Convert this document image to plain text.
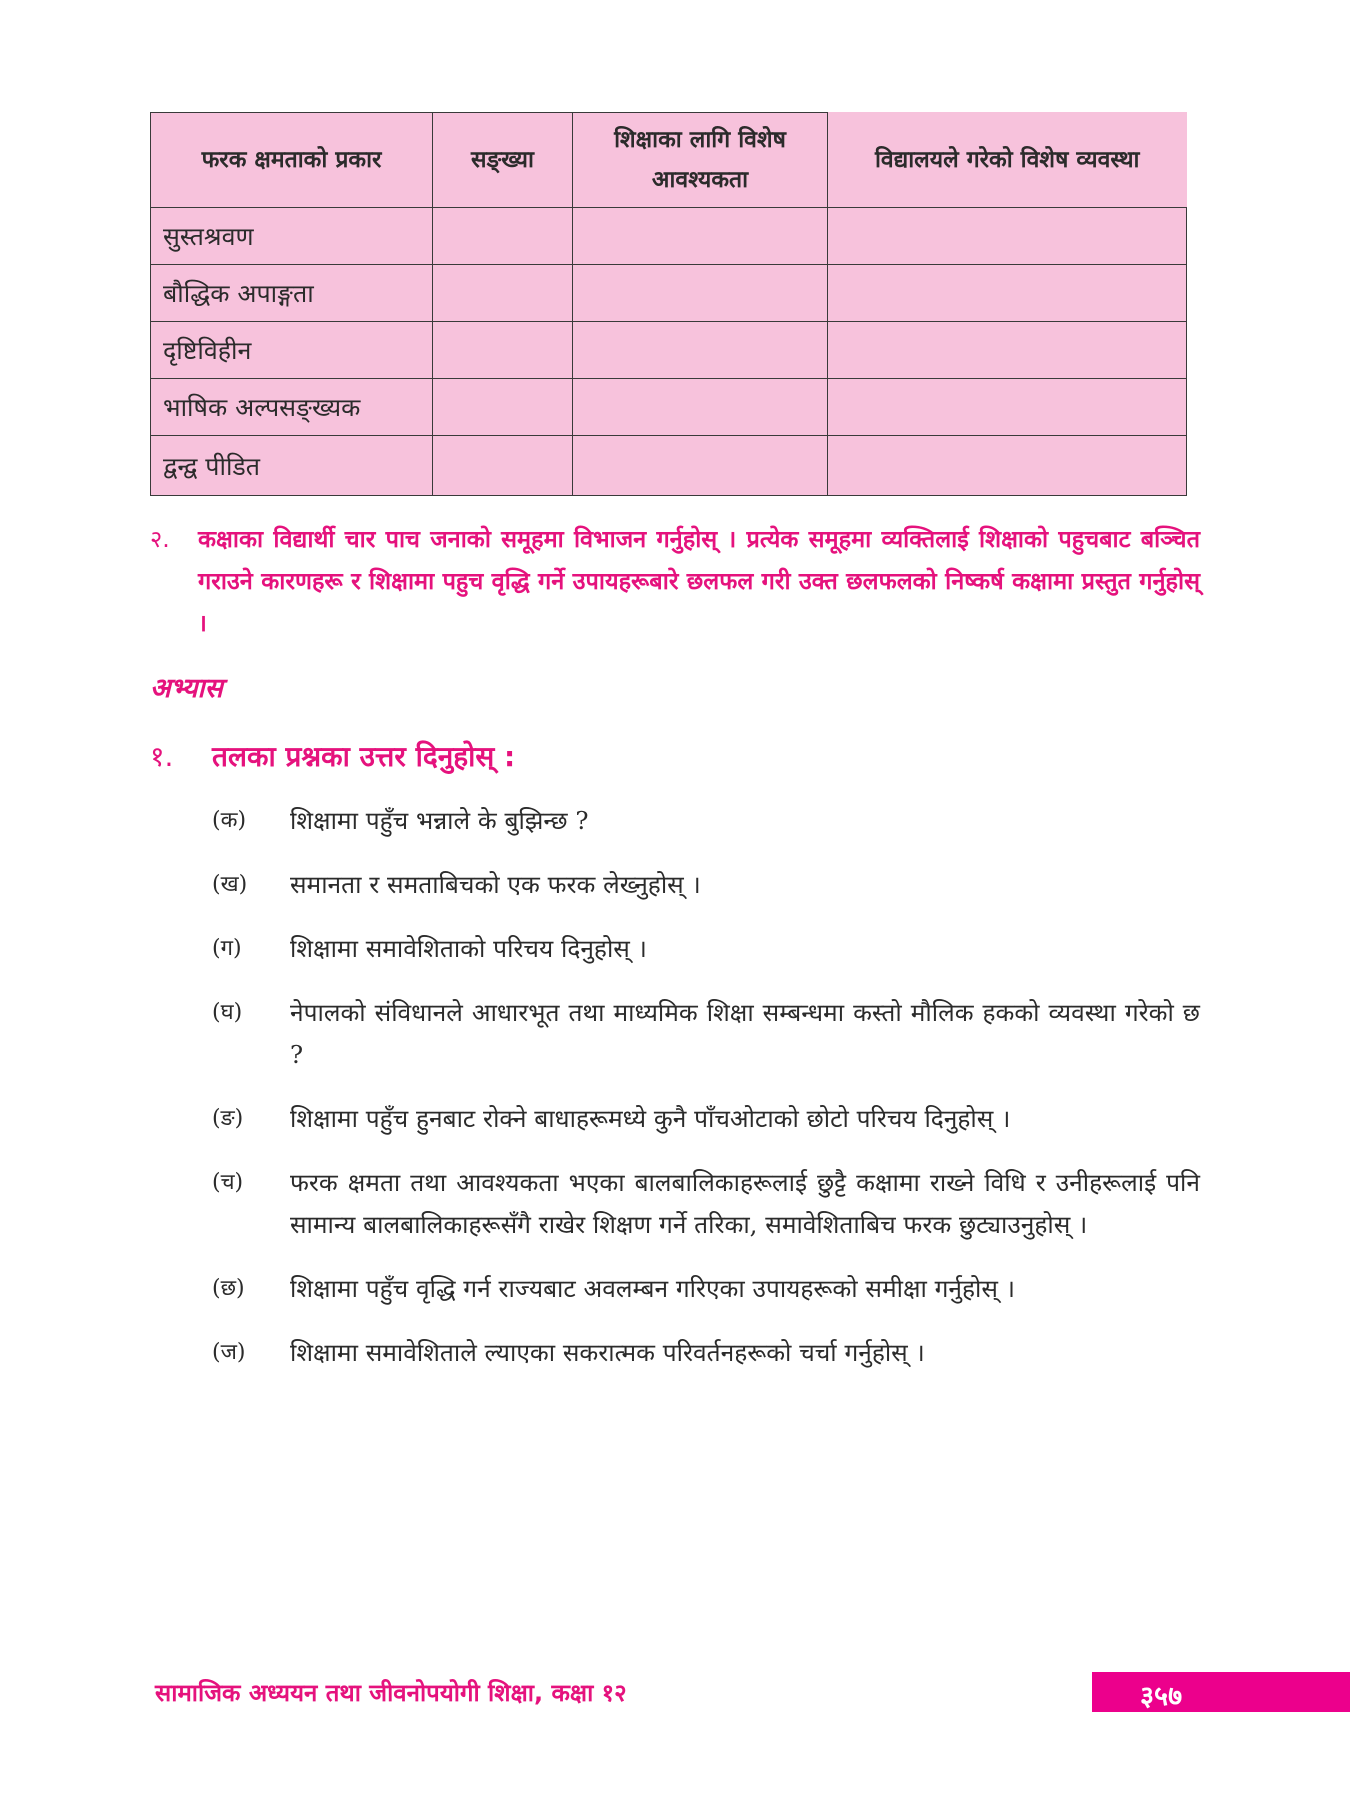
फरक क्षमताको प्रकार	सङ्ख्या	शिक्षाका लागि विशेष आवश्यकता	विद्यालयले गरेको विशेष व्यवस्था
सुस्तश्रवण			
बौद्धिक अपाङ्गता			
दृष्टिविहीन			
भाषिक अल्पसङ्ख्यक			
द्वन्द्व पीडित			
२. कक्षाका विद्यार्थी चार पाच जनाको समूहमा विभाजन गर्नुहोस् । प्रत्येक समूहमा व्यक्तिलाई शिक्षाको पहुचबाट बञ्चित गराउने कारणहरू र शिक्षामा पहुच वृद्धि गर्ने उपायहरूबारे छलफल गरी उक्त छलफलको निष्कर्ष कक्षामा प्रस्तुत गर्नुहोस् ।
अभ्यास
१. तलका प्रश्नका उत्तर दिनुहोस् :
(क)	शिक्षामा पहुँच भन्नाले के बुझिन्छ ?
(ख)	समानता र समताबिचको एक फरक लेख्नुहोस् ।
(ग)	शिक्षामा समावेशिताको परिचय दिनुहोस् ।
(घ)	नेपालको संविधानले आधारभूत तथा माध्यमिक शिक्षा सम्बन्धमा कस्तो मौलिक हकको व्यवस्था गरेको छ ?
(ङ)	शिक्षामा पहुँच हुनबाट रोक्ने बाधाहरूमध्ये कुनै पाँचओटाको छोटो परिचय दिनुहोस् ।
(च)	फरक क्षमता तथा आवश्यकता भएका बालबालिकाहरूलाई छुट्टै कक्षामा राख्ने विधि र उनीहरूलाई पनि सामान्य बालबालिकाहरूसँगै राखेर शिक्षण गर्ने तरिका, समावेशिताबिच फरक छुट्याउनुहोस् ।
(छ)	शिक्षामा पहुँच वृद्धि गर्न राज्यबाट अवलम्बन गरिएका उपायहरूको समीक्षा गर्नुहोस् ।
(ज)	शिक्षामा समावेशिताले ल्याएका सकरात्मक परिवर्तनहरूको चर्चा गर्नुहोस् ।
सामाजिक अध्ययन तथा जीवनोपयोगी शिक्षा, कक्षा १२	३५७
